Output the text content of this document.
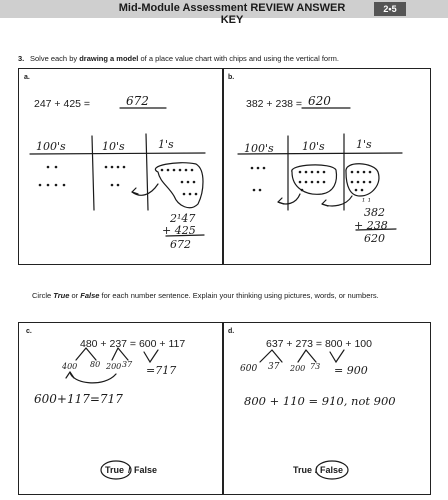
Mid-Module Assessment REVIEW ANSWER KEY
2•5
3. Solve each by drawing a model of a place value chart with chips and using the vertical form.
a.
247 + 425 =	672
100's	10's	1's
2¹47
+ 425
672
b.
382 + 238 = 620
100's	10's	1's
¹ ¹
382
+ 238
620
Circle True or False for each number sentence. Explain your thinking using pictures, words, or numbers.
c.
480 + 237 = 600 + 117
400 80 200 37 =717
600+117=717
True / False
d.
637 + 273 = 800 + 100
600 37 200 73 = 900
800 + 110 = 910, not 900
True / False
